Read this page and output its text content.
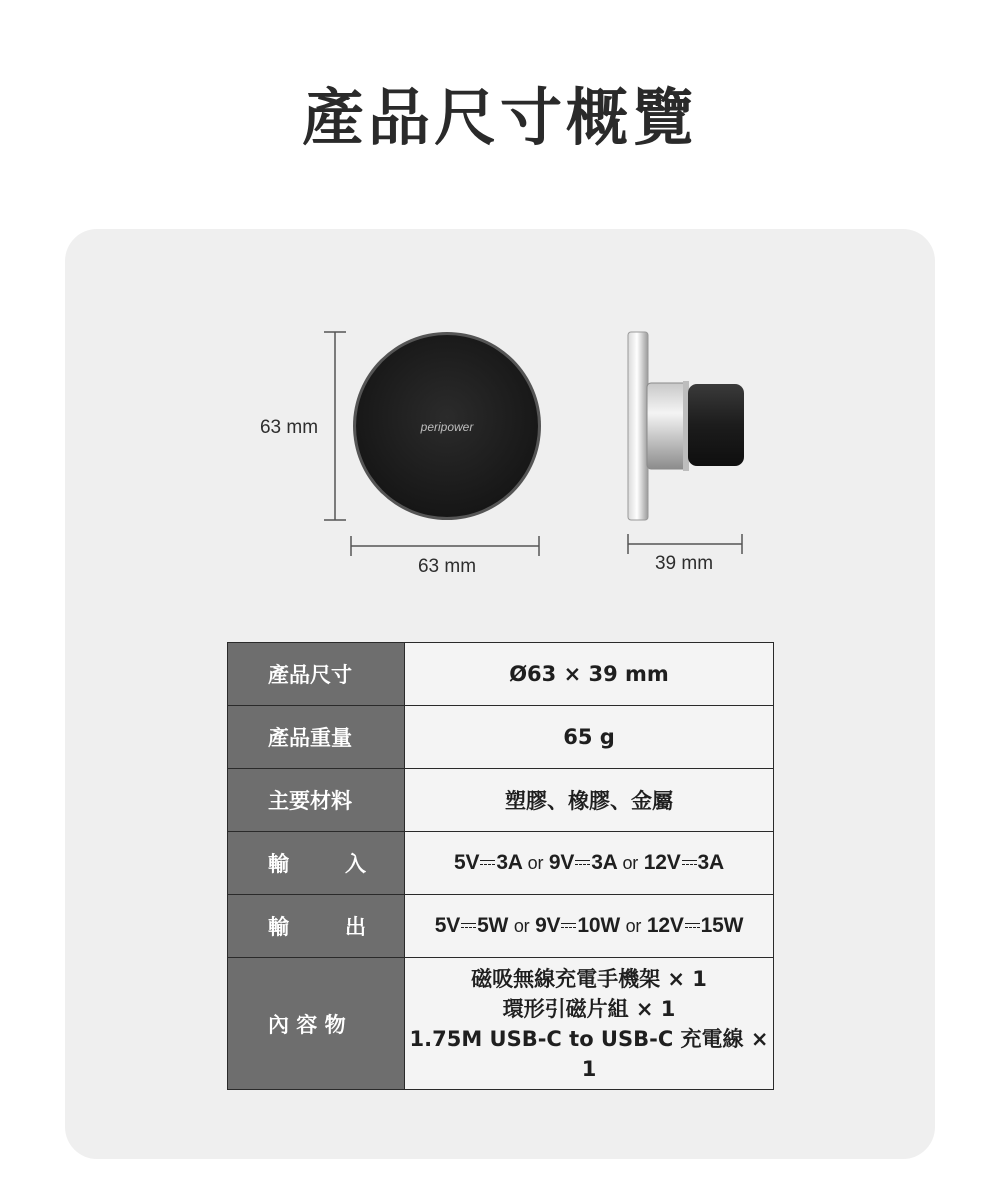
產品尺寸概覽
63 mm	peripower
63 mm	39 mm
產品尺寸	Ø63 × 39 mm

產品重量	65 g

主要材料	塑膠、橡膠、金屬

輸 入	5V 3A or 9V 3A or 12V 3A

輸 出	5V 5W or 9V 10W or 12V 15W

內 容 物	磁吸無線充電手機架 × 1
環形引磁片組 × 1
1.75M USB-C to USB-C 充電線 × 1
